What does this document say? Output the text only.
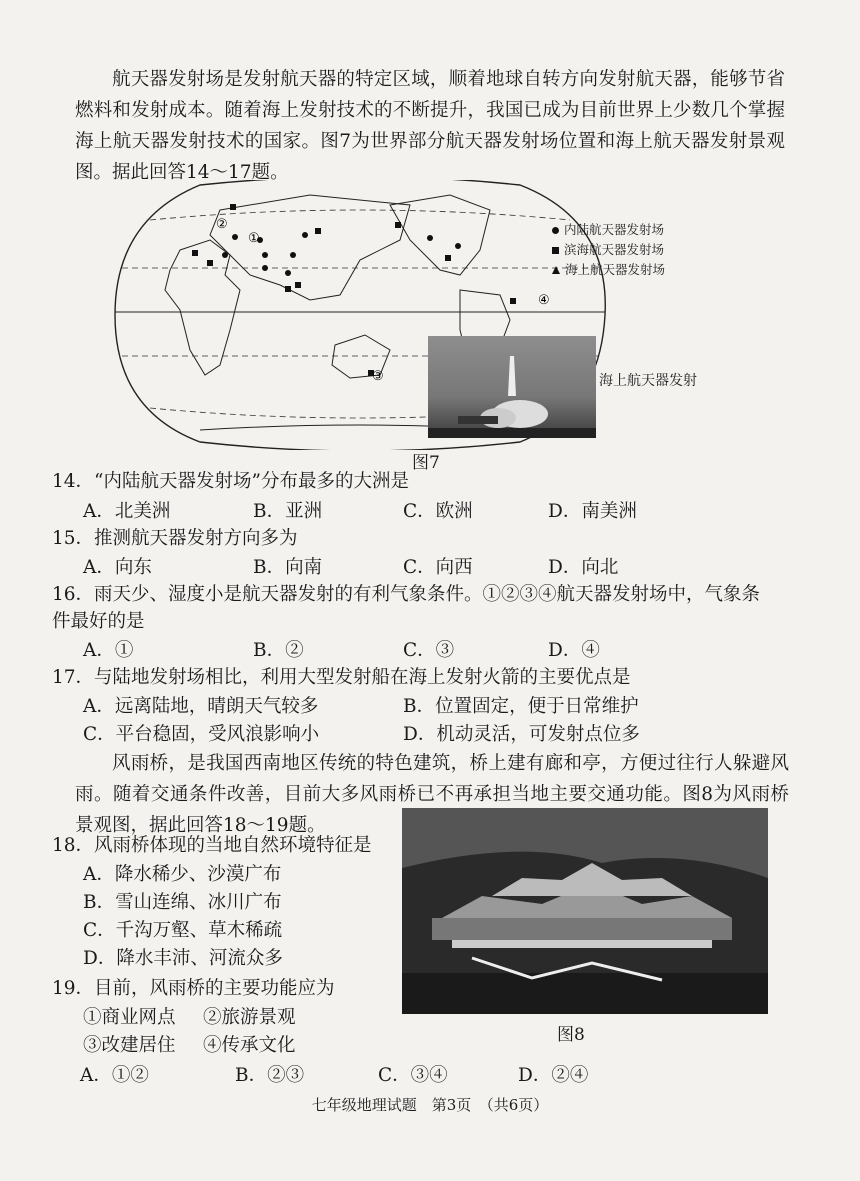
航天器发射场是发射航天器的特定区域，顺着地球自转方向发射航天器，能够节省燃料和发射成本。随着海上发射技术的不断提升，我国已成为目前世界上少数几个掌握海上航天器发射技术的国家。图7为世界部分航天器发射场位置和海上航天器发射景观图。据此回答14～17题。

②
①
③
④
内陆航天器发射场
滨海航天器发射场
海上航天器发射场
海上航天器发射
图7
14．“内陆航天器发射场”分布最多的大洲是
A．北美洲	B．亚洲	C．欧洲	D．南美洲
15．推测航天器发射方向多为
A．向东	B．向南	C．向西	D．向北
16．雨天少、湿度小是航天器发射的有利气象条件。①②③④航天器发射场中，气象条
件最好的是
A．①	B．②	C．③	D．④
17．与陆地发射场相比，利用大型发射船在海上发射火箭的主要优点是
A．远离陆地，晴朗天气较多	B．位置固定，便于日常维护
C．平台稳固，受风浪影响小	D．机动灵活，可发射点位多

风雨桥，是我国西南地区传统的特色建筑，桥上建有廊和亭，方便过往行人躲避风雨。随着交通条件改善，目前大多风雨桥已不再承担当地主要交通功能。图8为风雨桥景观图，据此回答18～19题。

18．风雨桥体现的当地自然环境特征是
A．降水稀少、沙漠广布
B．雪山连绵、冰川广布
C．千沟万壑、草木稀疏
D．降水丰沛、河流众多
图8
19．目前，风雨桥的主要功能应为
①商业网点 ②旅游景观
③改建居住 ④传承文化
A．①②	B．②③	C．③④	D．②④
七年级地理试题　第3页　（共6页）
